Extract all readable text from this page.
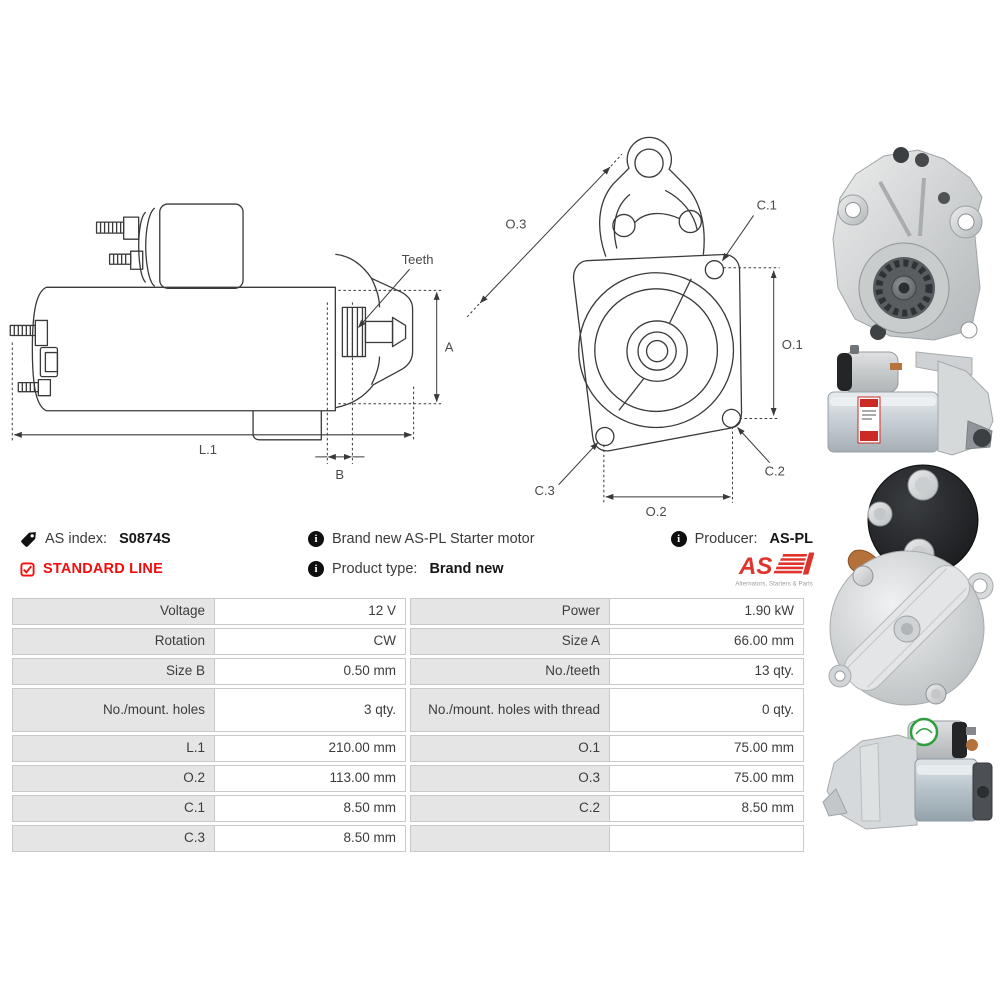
Teeth
A
L.1
B
O.3
C.1
O.1
C.2
C.3
O.2
AS index: S0874S
STANDARD LINE
i Brand new AS-PL Starter motor
i Product type: Brand new
i Producer: AS-PL
AS
Alternators, Starters & Parts
Voltage	12 V	Power	1.90 kW
Rotation	CW	Size A	66.00 mm
Size B	0.50 mm	No./teeth	13 qty.
No./mount. holes	3 qty.	No./mount. holes with thread	0 qty.
L.1	210.00 mm	O.1	75.00 mm
O.2	113.00 mm	O.3	75.00 mm
C.1	8.50 mm	C.2	8.50 mm
C.3	8.50 mm
